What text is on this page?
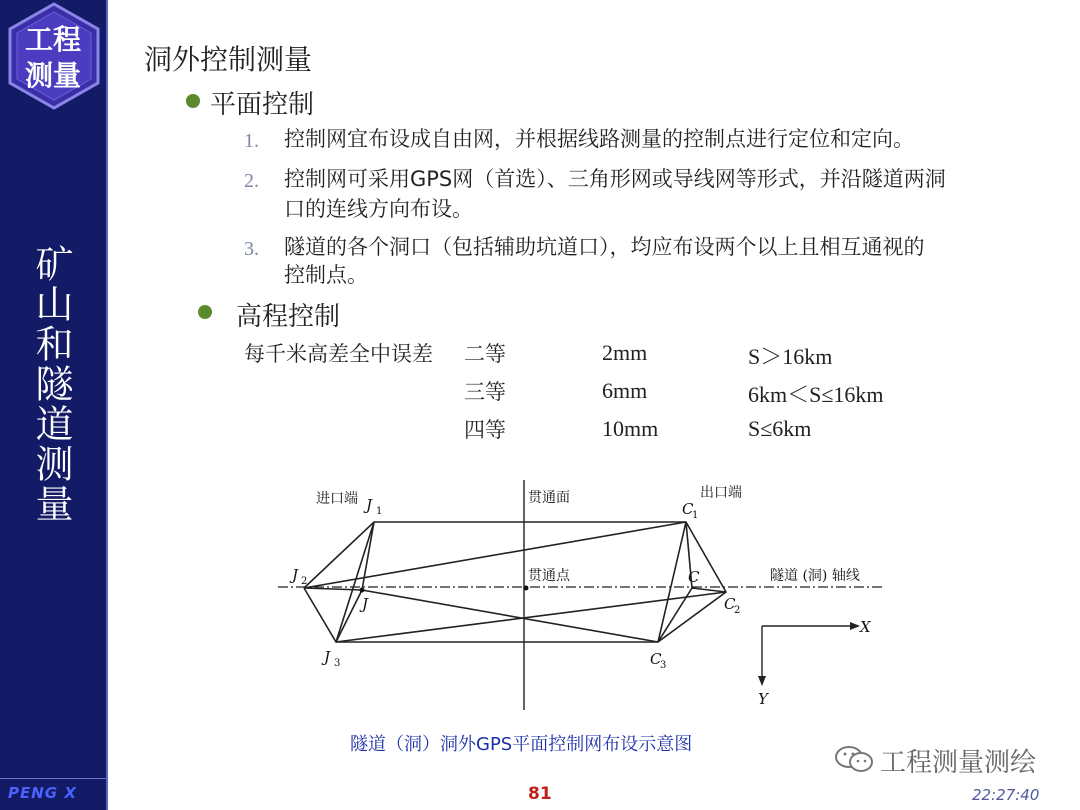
工程
测量
矿山和隧道测量
PENG X
洞外控制测量
平面控制
1. 控制网宜布设成自由网，并根据线路测量的控制点进行定位和定向。
2. 控制网可采用GPS网（首选）、三角形网或导线网等形式，并沿隧道两洞
口的连线方向布设。
3. 隧道的各个洞口（包括辅助坑道口），均应布设两个以上且相互通视的
控制点。
高程控制
每千米高差全中误差 二等	2mm	S＞16km
三等	6mm	6km＜S≤16km
四等	10mm	S≤6km
进口端	出口端
贯通面
贯通点	隧道 (洞) 轴线
J 1
J 2
J
J 3
C
1
C
C
2
C
3
X
Y
隧道（洞）洞外GPS平面控制网布设示意图
工程测量测绘
81	22:27:40
